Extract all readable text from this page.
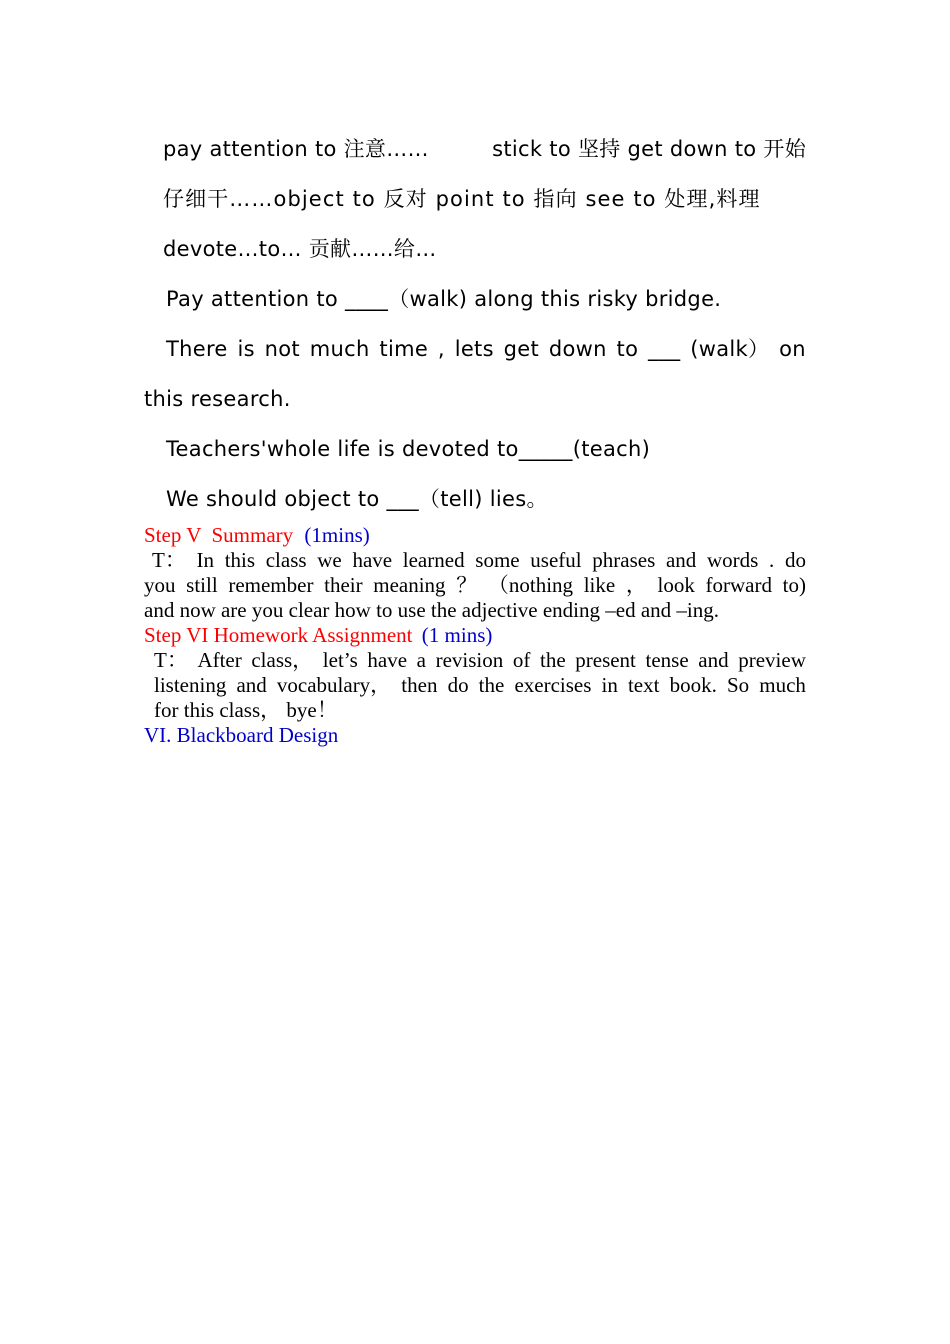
pay attention to 注意……	stick to 坚持 get down to 开始
仔细干……object to 反对 point to 指向 see to 处理,料理
devote…to… 贡献……给…
Pay attention to ____（walk) along this risky bridge.
There is not much time , lets get down to ___ (walk） on
this research.
Teachers'whole life is devoted to_____(teach)
We should object to ___（tell) lies。
Step V  Summary (1mins)
T： In this class we have learned some useful phrases and words . do
you still remember their meaning ？ （nothing like ， look forward to)
and now are you clear how to use the adjective ending –ed and –ing.
Step VI Homework Assignment (1 mins)
T： After class， let’s have a revision of the present tense and preview
listening and vocabulary， then do the exercises in text book. So much
for this class， bye！
VI. Blackboard Design
